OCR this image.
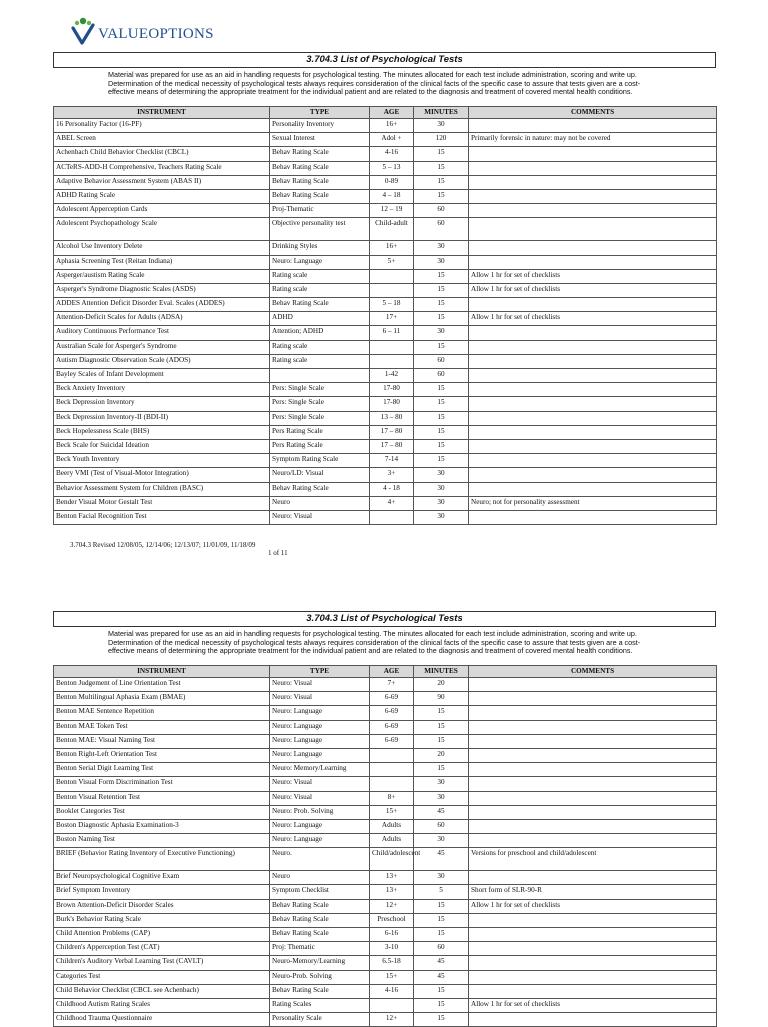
VALUEOPTIONS
3.704.3 List of Psychological Tests
Material was prepared for use as an aid in handling requests for psychological testing. The minutes allocated for each test include administration, scoring and write up. Determination of the medical necessity of psychological tests always requires consideration of the clinical facts of the specific case to assure that tests given are a cost-effective means of determining the appropriate treatment for the individual patient and are related to the diagnosis and treatment of covered mental health conditions.
INSTRUMENT	TYPE	AGE	MINUTES	COMMENTS
16 Personality Factor (16-PF)	Personality Inventory	16+	30	
ABEL Screen	Sexual Interest	Adol +	120	Primarily forensic in nature: may not be covered
Achenbach Child Behavior Checklist (CBCL)	Behav Rating Scale	4-16	15	
ACTeRS-ADD-H Comprehensive, Teachers Rating Scale	Behav Rating Scale	5 – 13	15	
Adaptive Behavior Assessment System (ABAS II)	Behav Rating Scale	0-89	15	
ADHD Rating Scale	Behav Rating Scale	4 – 18	15	
Adolescent Apperception Cards	Proj-Thematic	12 – 19	60	
Adolescent Psychopathology Scale	Objective personality test	Child-adult	60	
Alcohol Use Inventory Delete	Drinking Styles	16+	30	
Aphasia Screening Test (Reitan Indiana)	Neuro: Language	5+	30	
Asperger/austism Rating Scale	Rating scale		15	Allow 1 hr for set of checklists
Asperger's Syndrome Diagnostic Scales (ASDS)	Rating scale		15	Allow 1 hr for set of checklists
ADDES Attention Deficit Disorder Eval. Scales (ADDES)	Behav Rating Scale	5 – 18	15	
Attention-Deficit Scales for Adults (ADSA)	ADHD	17+	15	Allow 1 hr for set of checklists
Auditory Continuous Performance Test	Attention; ADHD	6 – 11	30	
Australian Scale for Asperger's Syndrome	Rating scale		15	
Autism Diagnostic Observation Scale (ADOS)	Rating scale		60	
Bayley Scales of Infant Development		1-42	60	
Beck Anxiety Inventory	Pers: Single Scale	17-80	15	
Beck Depression Inventory	Pers: Single Scale	17-80	15	
Beck Depression Inventory-II (BDI-II)	Pers: Single Scale	13 – 80	15	
Beck Hopelessness Scale (BHS)	Pers Rating Scale	17 – 80	15	
Beck Scale for Suicidal Ideation	Pers Rating Scale	17 – 80	15	
Beck Youth Inventory	Symptom Rating Scale	7-14	15	
Beery VMI (Test of Visual-Motor Integration)	Neuro/LD: Visual	3+	30	
Behavior Assessment System for Children (BASC)	Behav Rating Scale	4 - 18	30	
Bender Visual Motor Gestalt Test	Neuro	4+	30	Neuro; not for personality assessment
Benton Facial Recognition Test	Neuro: Visual		30	
3.704.3 Revised 12/08/05, 12/14/06; 12/13/07; 11/01/09, 11/18/09
1 of 11
3.704.3 List of Psychological Tests
Material was prepared for use as an aid in handling requests for psychological testing. The minutes allocated for each test include administration, scoring and write up. Determination of the medical necessity of psychological tests always requires consideration of the clinical facts of the specific case to assure that tests given are a cost-effective means of determining the appropriate treatment for the individual patient and are related to the diagnosis and treatment of covered mental health conditions.
INSTRUMENT	TYPE	AGE	MINUTES	COMMENTS
Benton Judgement of Line Orientation Test	Neuro: Visual	7+	20	
Benton Multilingual Aphasia Exam (BMAE)	Neuro: Visual	6-69	90	
Benton MAE Sentence Repetition	Neuro: Language	6-69	15	
Benton MAE Token Test	Neuro: Language	6-69	15	
Benton MAE: Visual Naming Test	Neuro: Language	6-69	15	
Benton Right-Left Orientation Test	Neuro: Language		20	
Benton Serial Digit Learning Test	Neuro: Memory/Learning		15	
Benton Visual Form Discrimination Test	Neuro: Visual		30	
Benton Visual Retention Test	Neuro: Visual	8+	30	
Booklet Categories Test	Neuro: Prob. Solving	15+	45	
Boston Diagnostic Aphasia Examination-3	Neuro: Language	Adults	60	
Boston Naming Test	Neuro: Language	Adults	30	
BRIEF (Behavior Rating Inventory of Executive Functioning)	Neuro.	Child/adolescent	45	Versions for preschool and child/adolescent
Brief Neuropsychological Cognitive Exam	Neuro	13+	30	
Brief Symptom Inventory	Symptom Checklist	13+	5	Short form of SLR-90-R
Brown Attention-Deficit Disorder Scales	Behav Rating Scale	12+	15	Allow 1 hr for set of checklists
Burk's Behavior Rating Scale	Behav Rating Scale	Preschool	15	
Child Attention Problems (CAP)	Behav Rating Scale	6-16	15	
Children's Apperception Test (CAT)	Proj: Thematic	3-10	60	
Children's Auditory Verbal Learning Test (CAVLT)	Neuro-Memory/Learning	6.5-18	45	
Categories Test	Neuro-Prob. Solving	15+	45	
Child Behavior Checklist (CBCL see Achenbach)	Behav Rating Scale	4-16	15	
Childhood Autism Rating Scales	Rating Scales		15	Allow 1 hr for set of checklists
Childhood Trauma Questionnaire	Personality Scale	12+	15	
